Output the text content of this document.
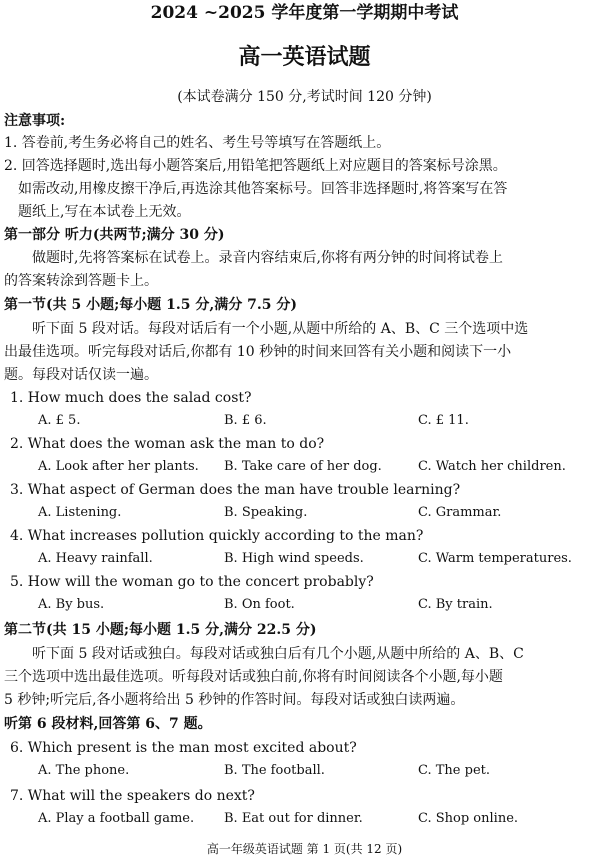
2024 ~2025 学年度第一学期期中考试
高一英语试题
(本试卷满分 150 分,考试时间 120 分钟)
注意事项:
1. 答卷前,考生务必将自己的姓名、考生号等填写在答题纸上。
2. 回答选择题时,选出每小题答案后,用铅笔把答题纸上对应题目的答案标号涂黑。
如需改动,用橡皮擦干净后,再选涂其他答案标号。回答非选择题时,将答案写在答
题纸上,写在本试卷上无效。
第一部分 听力(共两节;满分 30 分)
做题时,先将答案标在试卷上。录音内容结束后,你将有两分钟的时间将试卷上
的答案转涂到答题卡上。
第一节(共 5 小题;每小题 1.5 分,满分 7.5 分)
听下面 5 段对话。每段对话后有一个小题,从题中所给的 A、B、C 三个选项中选
出最佳选项。听完每段对话后,你都有 10 秒钟的时间来回答有关小题和阅读下一小
题。每段对话仅读一遍。
1. How much does the salad cost?
A. £ 5.	B. £ 6.	C. £ 11.
2. What does the woman ask the man to do?
A. Look after her plants. B. Take care of her dog.	C. Watch her children.
3. What aspect of German does the man have trouble learning?
A. Listening.	B. Speaking.	C. Grammar.
4. What increases pollution quickly according to the man?
A. Heavy rainfall.	B. High wind speeds.	C. Warm temperatures.
5. How will the woman go to the concert probably?
A. By bus.	B. On foot.	C. By train.
第二节(共 15 小题;每小题 1.5 分,满分 22.5 分)
听下面 5 段对话或独白。每段对话或独白后有几个小题,从题中所给的 A、B、C
三个选项中选出最佳选项。听每段对话或独白前,你将有时间阅读各个小题,每小题
5 秒钟;听完后,各小题将给出 5 秒钟的作答时间。每段对话或独白读两遍。
听第 6 段材料,回答第 6、7 题。
6. Which present is the man most excited about?
A. The phone.	B. The football.	C. The pet.
7. What will the speakers do next?
A. Play a football game. B. Eat out for dinner.	C. Shop online.
高一年级英语试题 第 1 页(共 12 页)
